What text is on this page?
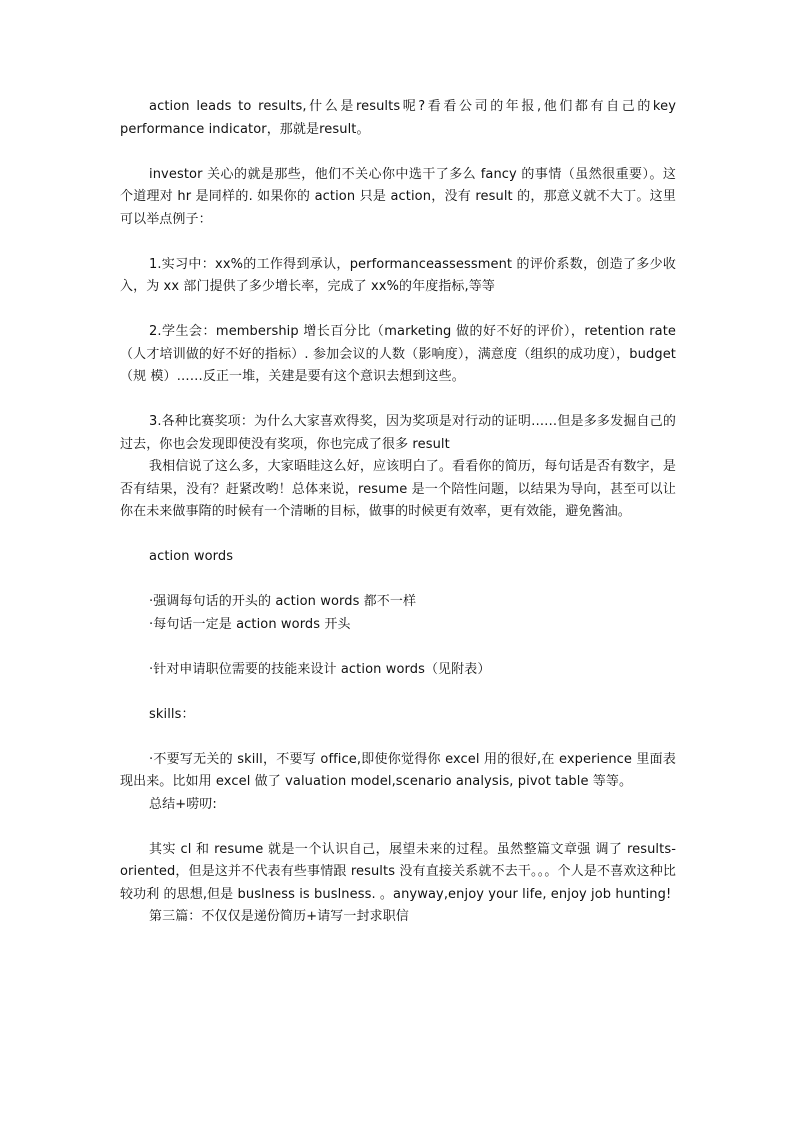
action leads to results,什么是results呢?看看公司的年报,他们都有自己的key performance indicator，那就是result。

investor 关心的就是那些，他们不关心你中选干了多么 fancy 的事情（虽然很重要）。这个道理对 hr 是同样的. 如果你的 action 只是 action，没有 result 的，那意义就不大丁。这里可以举点例子：

1.实习中：xx%的工作得到承认，performanceassessment 的评价系数，创造了多少收入，为 xx 部门提供了多少增长率，完成了 xx%的年度指标,等等

2.学生会：membership 增长百分比（marketing 做的好不好的评价），retention rate（人才培训做的好不好的指标）. 参加会议的人数（影响度），满意度（组织的成功度），budget（规 模）……反正一堆，关建是要有这个意识去想到这些。

3.各种比赛奖项：为什么大家喜欢得奖，因为奖项是对行动的证明……但是多多发掘自己的过去，你也会发现即使没有奖项，你也完成了很多 result

我相信说了这么多，大家晤眭这么好，应该明白了。看看你的简历，每句话是否有数字，是否有结果，没有？赶紧改哟！总体来说，resume 是一个陪性问题，以结果为导向，甚至可以让你在未来做事隋的时候有一个清晰的目标，做事的时候更有效率，更有效能，避免酱油。

action words

·强调每句话的开头的 action words 都不一样

·每句话一定是 action words 开头

·针对申请职位需要的技能来设计 action words（见附表）

skills：

·不要写无关的 skill，不要写 office,即使你觉得你 excel 用的很好,在 experience 里面表现出来。比如用 excel 做了 valuation model,scenario analysis, pivot table 等等。

总结+唠叨:

其实 cl 和 resume 就是一个认识自己，展望未来的过程。虽然整篇文章强 调了 results-oriented，但是这并不代表有些事情跟 results 没有直接关系就不去干。。。个人是不喜欢这种比较功利 的思想,但是 buslness is buslness. 。anyway,enjoy your life, enjoy job hunting!

第三篇：不仅仅是递份简历+请写一封求职信
